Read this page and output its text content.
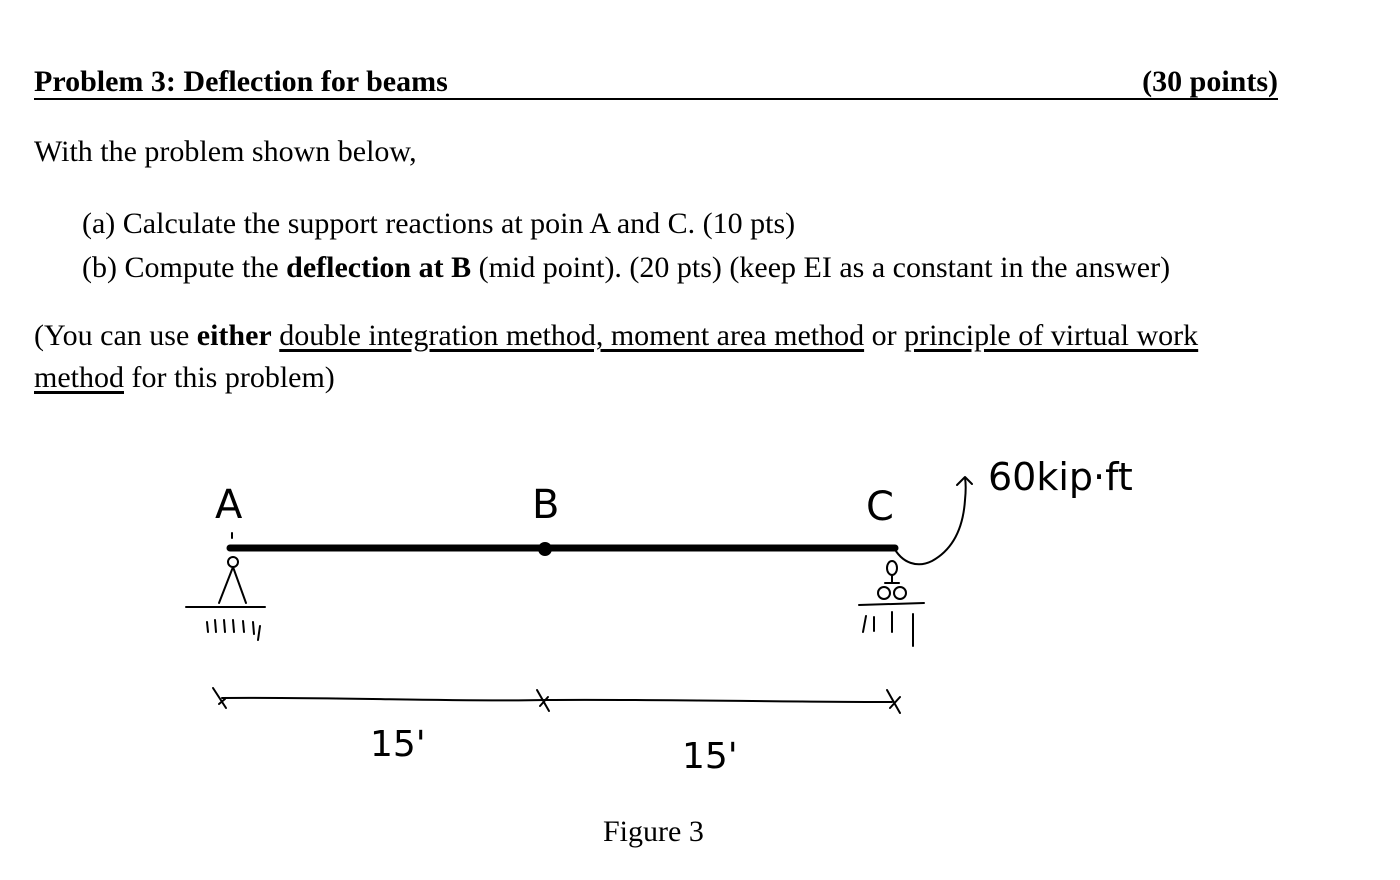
Problem 3: Deflection for beams	(30 points)
With the problem shown below,
(a) Calculate the support reactions at poin A and C. (10 pts)
(b) Compute the deflection at B (mid point). (20 pts) (keep EI as a constant in the answer)
(You can use either double integration method, moment area method or principle of virtual work method for this problem)
A	B	C
60kip·ft
15'	15'
Figure 3
